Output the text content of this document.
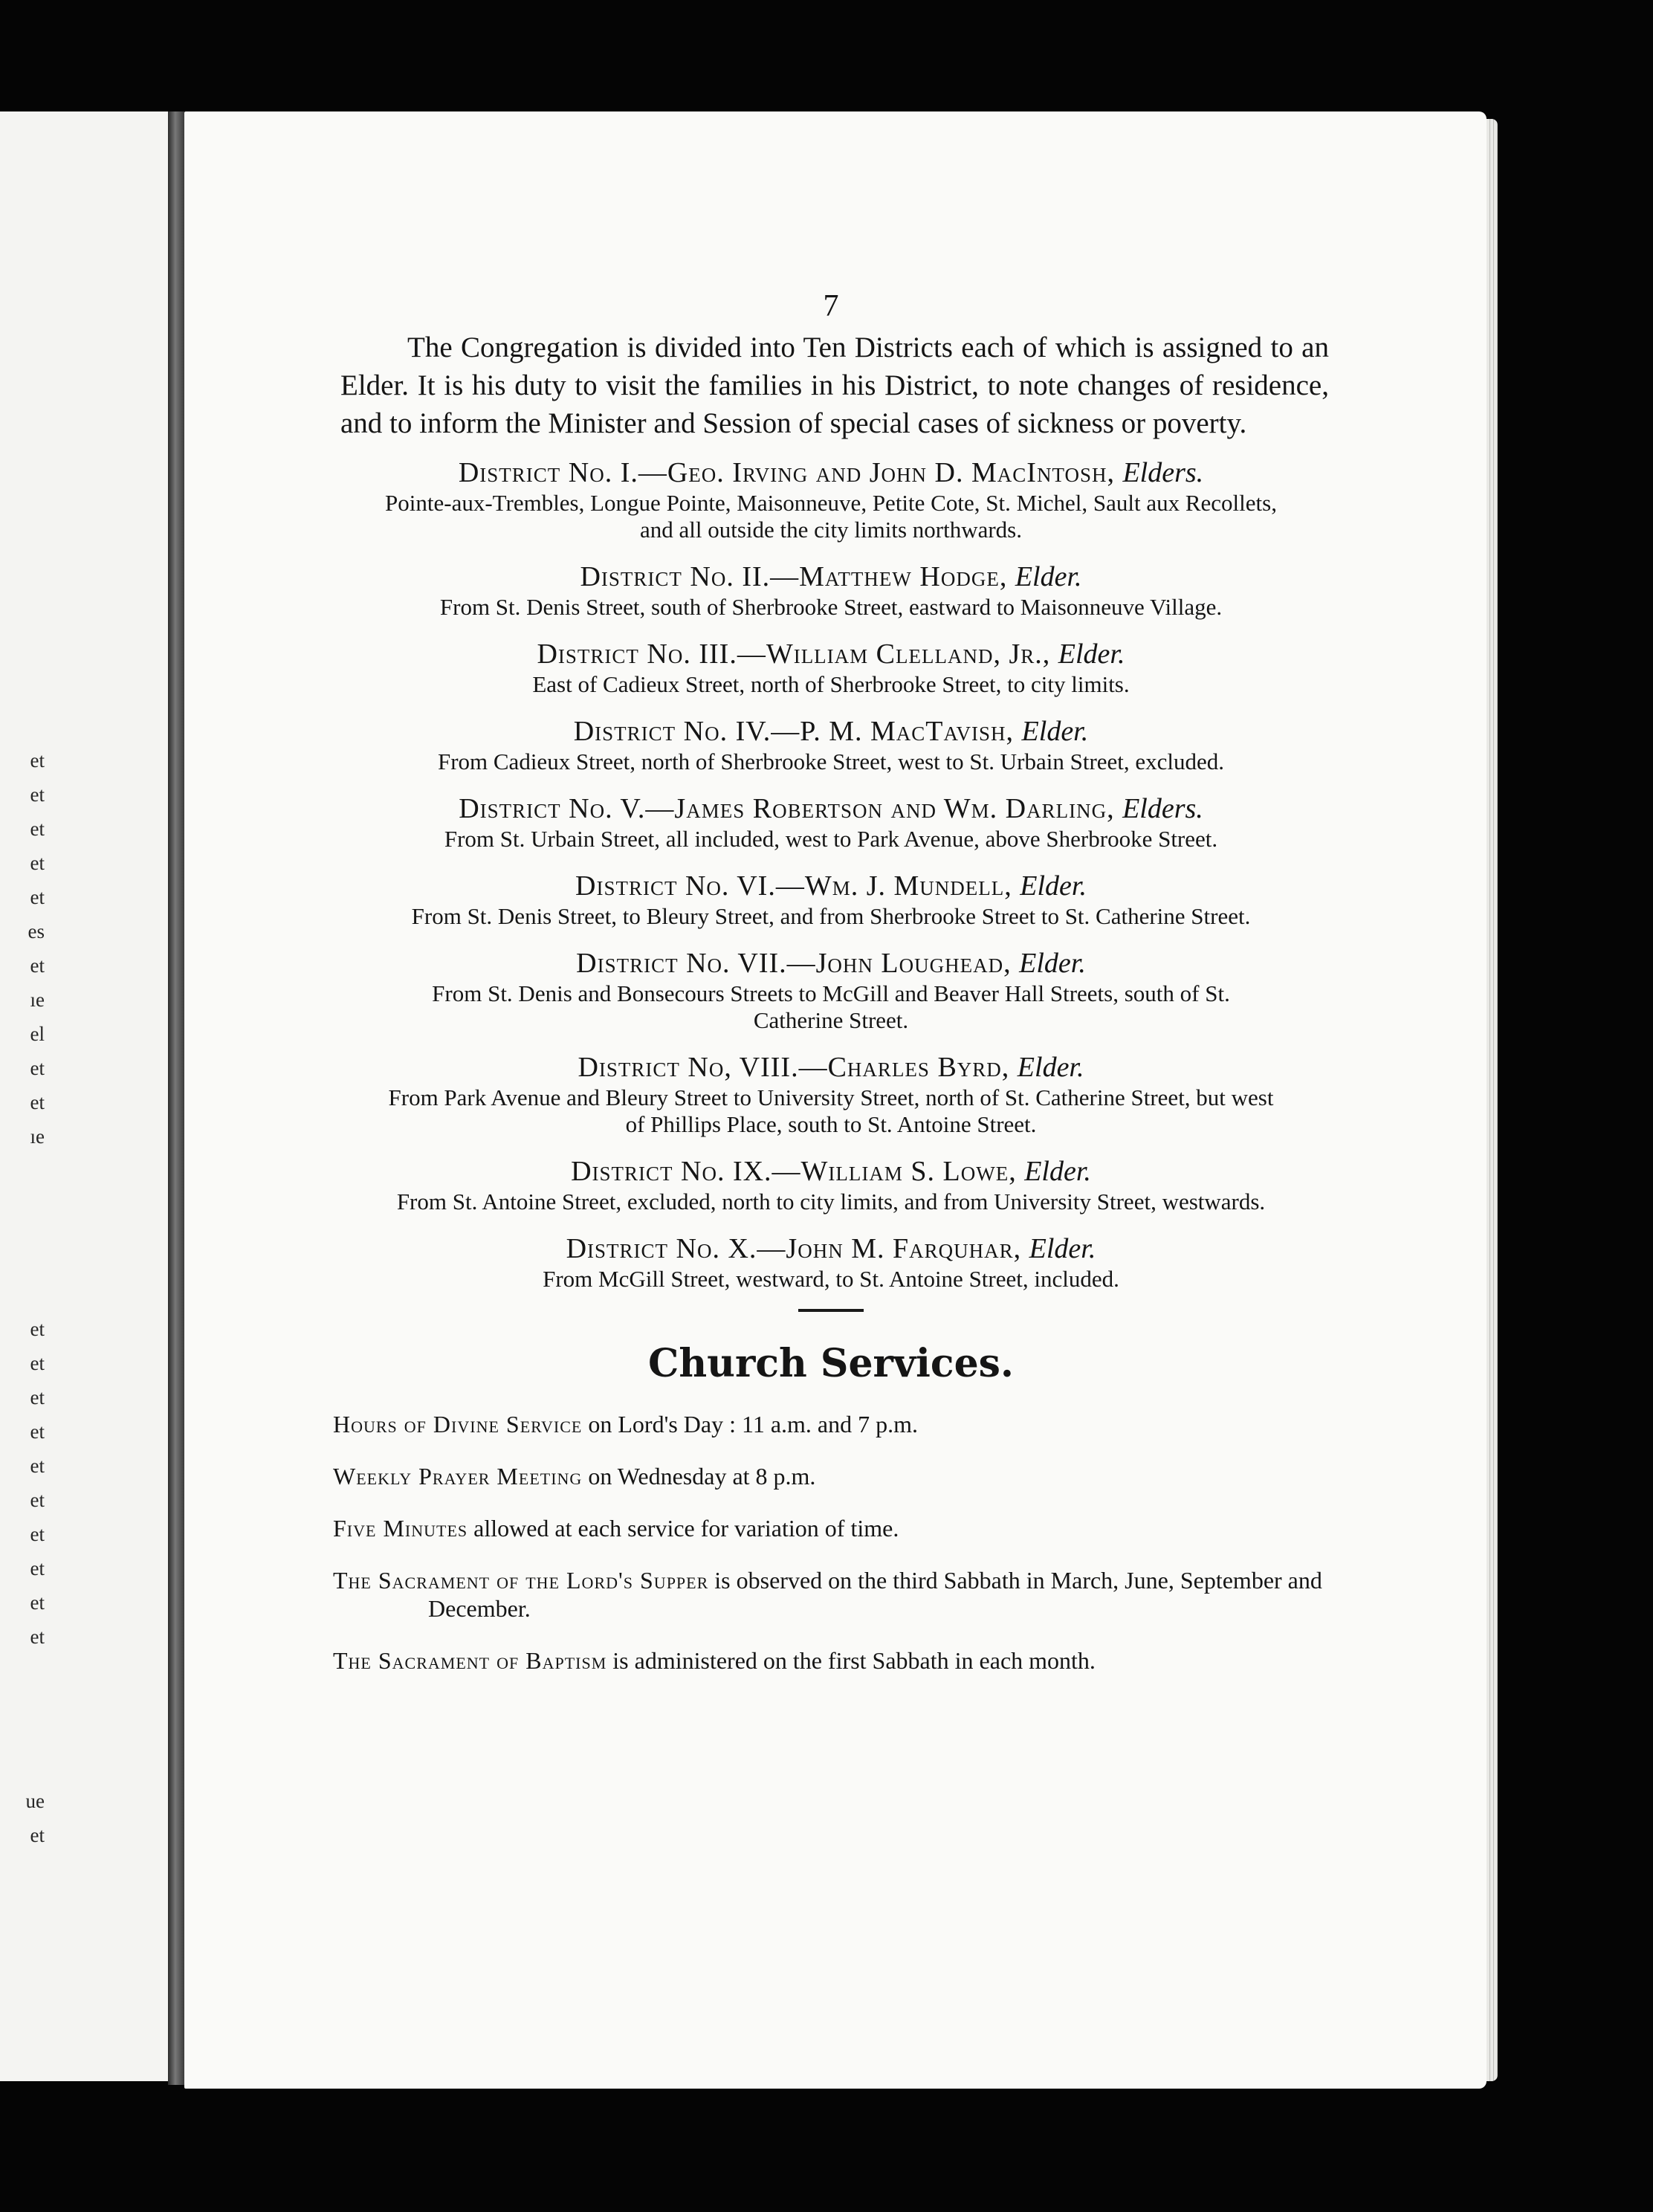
et
et
et
et
et
es
et
ıe
el
et
et
ıe
et
et
et
et
et
et
et
et
et
et
ue
et
7

The Congregation is divided into Ten Districts each of which is assigned to an Elder. It is his duty to visit the families in his District, to note changes of residence, and to inform the Minister and Session of special cases of sickness or poverty.

District No. I.—Geo. Irving and John D. MacIntosh, Elders.
Pointe-aux-Trembles, Longue Pointe, Maisonneuve, Petite Cote, St. Michel, Sault aux Recollets, and all outside the city limits northwards.
District No. II.—Matthew Hodge, Elder.
From St. Denis Street, south of Sherbrooke Street, eastward to Maisonneuve Village.
District No. III.—William Clelland, Jr., Elder.
East of Cadieux Street, north of Sherbrooke Street, to city limits.
District No. IV.—P. M. MacTavish, Elder.
From Cadieux Street, north of Sherbrooke Street, west to St. Urbain Street, excluded.
District No. V.—James Robertson and Wm. Darling, Elders.
From St. Urbain Street, all included, west to Park Avenue, above Sherbrooke Street.
District No. VI.—Wm. J. Mundell, Elder.
From St. Denis Street, to Bleury Street, and from Sherbrooke Street to St. Catherine Street.
District No. VII.—John Loughead, Elder.
From St. Denis and Bonsecours Streets to McGill and Beaver Hall Streets, south of St. Catherine Street.
District No, VIII.—Charles Byrd, Elder.
From Park Avenue and Bleury Street to University Street, north of St. Catherine Street, but west of Phillips Place, south to St. Antoine Street.
District No. IX.—William S. Lowe, Elder.
From St. Antoine Street, excluded, north to city limits, and from University Street, westwards.
District No. X.—John M. Farquhar, Elder.
From McGill Street, westward, to St. Antoine Street, included.
Church Services.

Hours of Divine Service on Lord's Day : 11 a.m. and 7 p.m.

Weekly Prayer Meeting on Wednesday at 8 p.m.

Five Minutes allowed at each service for variation of time.

The Sacrament of the Lord's Supper is observed on the third Sabbath in March, June, September and December.

The Sacrament of Baptism is administered on the first Sabbath in each month.
